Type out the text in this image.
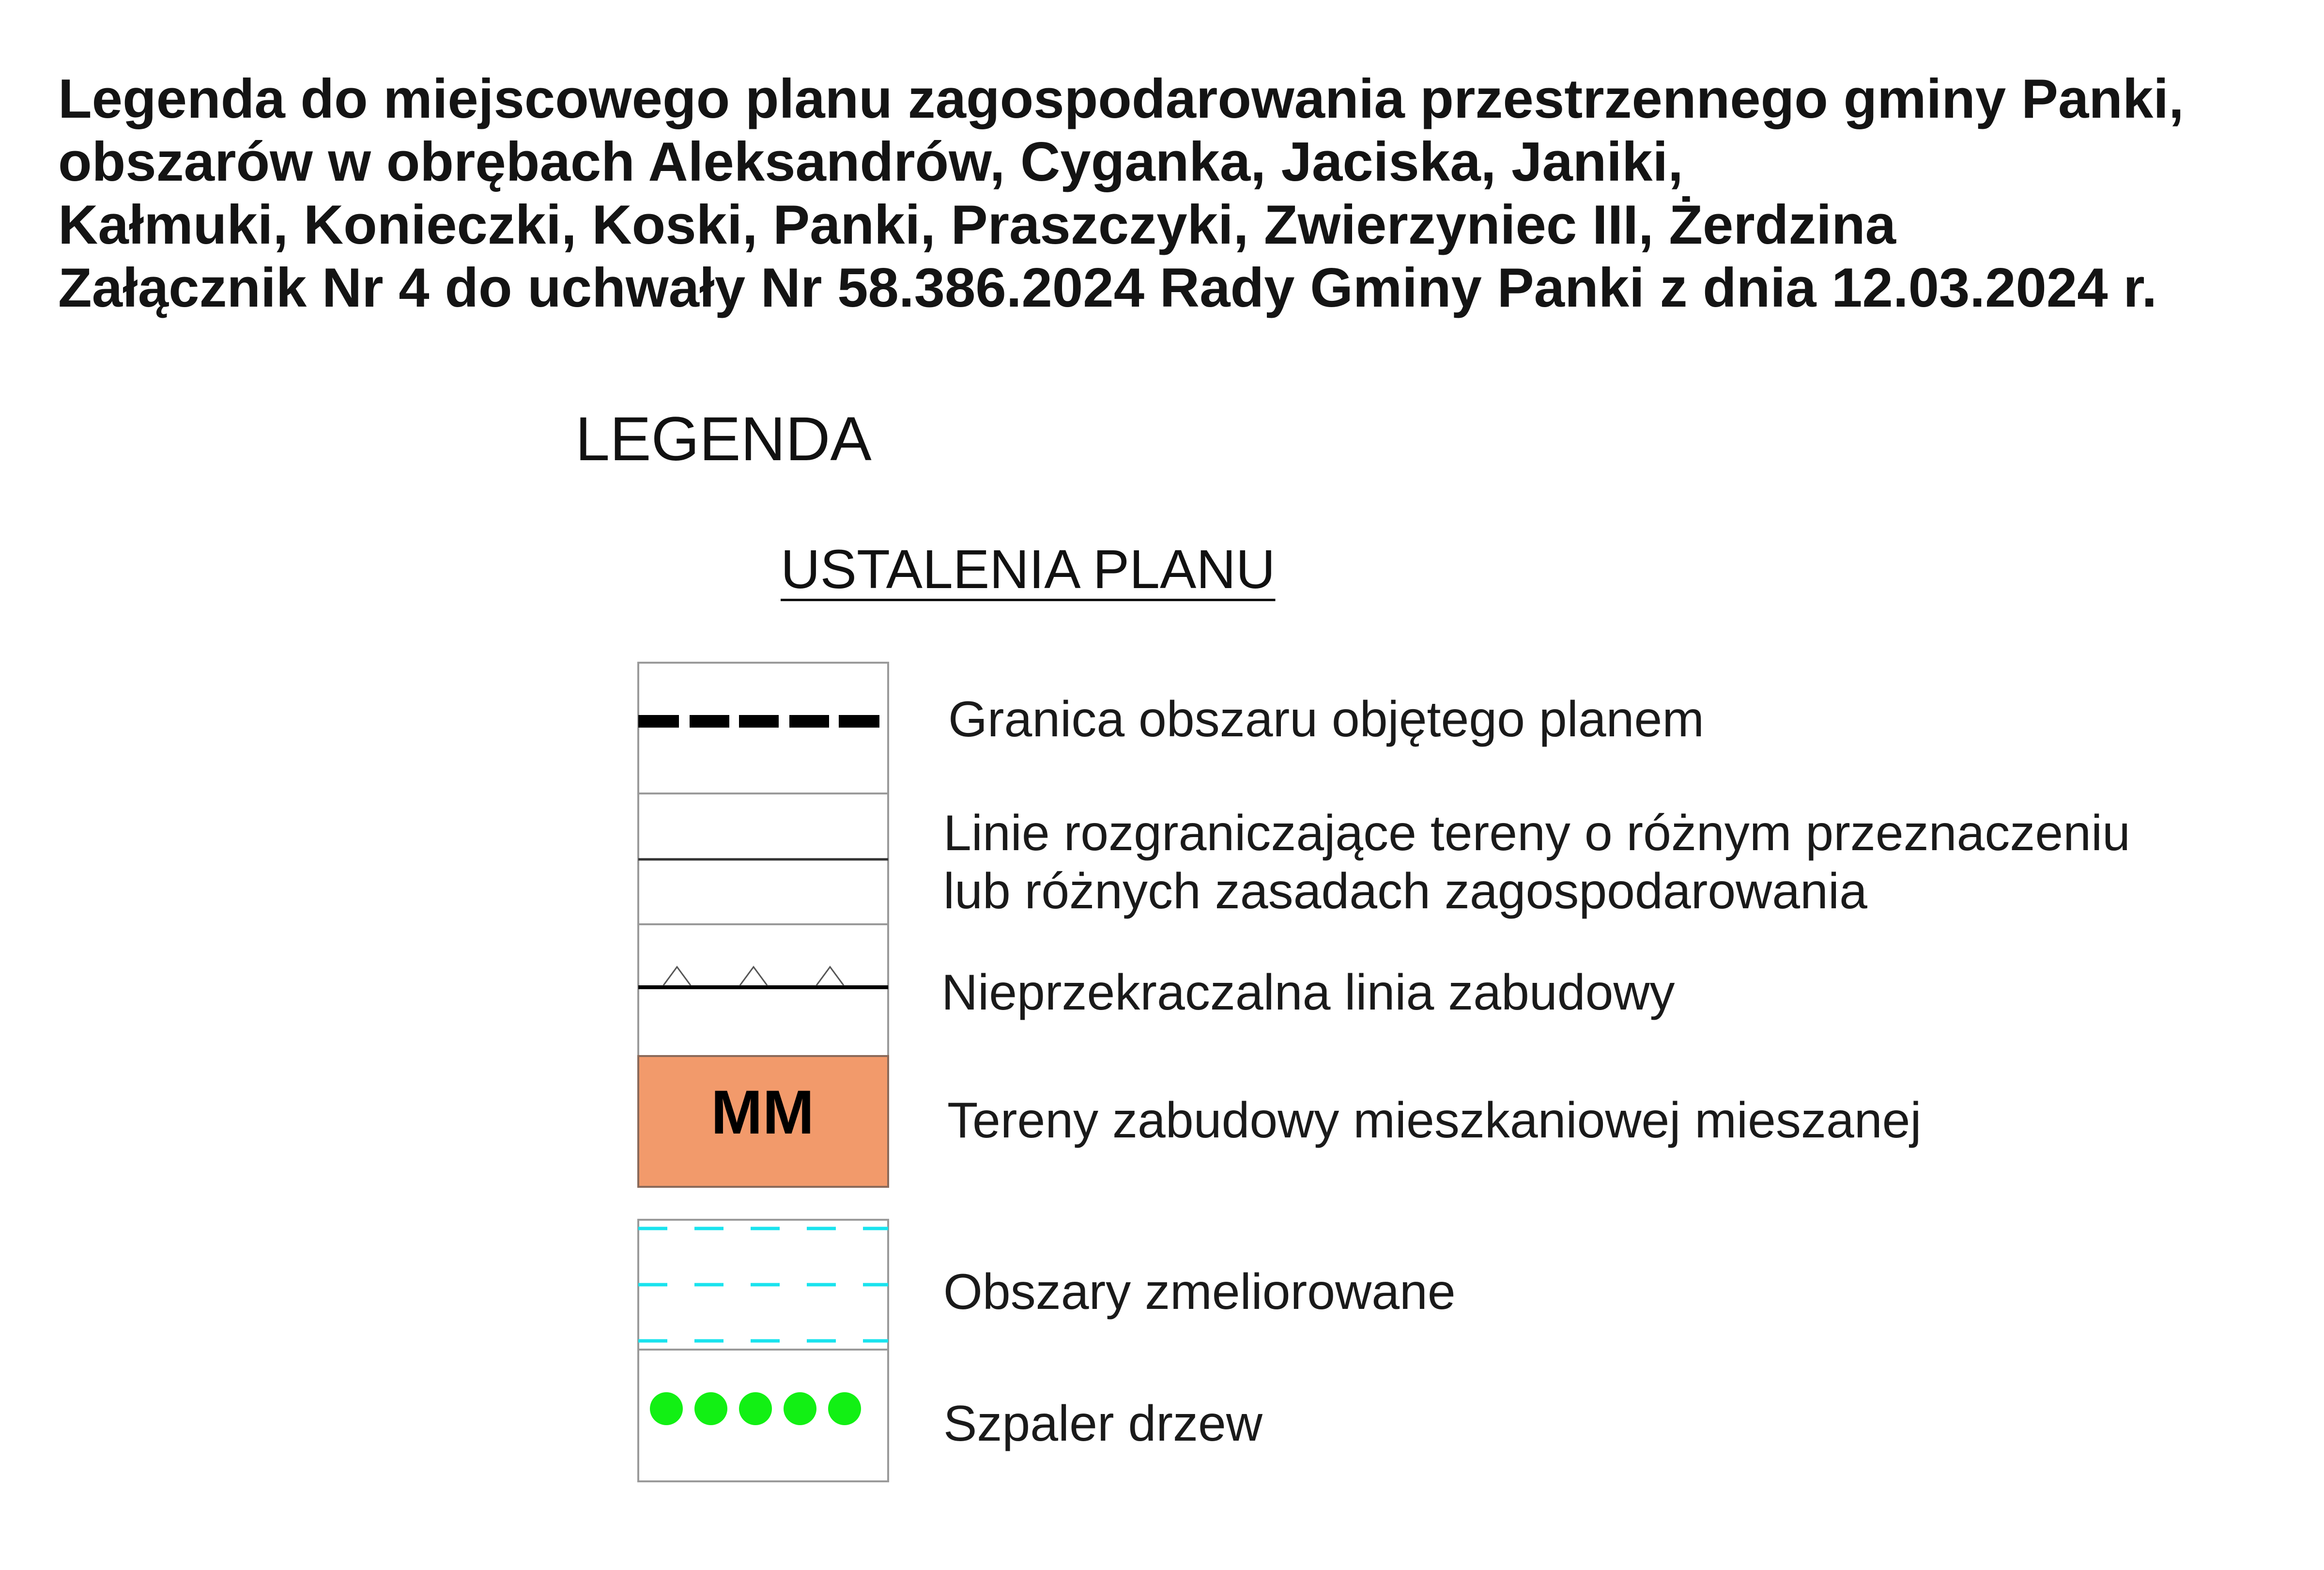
Legenda do miejscowego planu zagospodarowania przestrzennego gminy Panki,
obszarów w obrębach Aleksandrów, Cyganka, Jaciska, Janiki,
Kałmuki, Konieczki, Koski, Panki, Praszczyki, Zwierzyniec III, Żerdzina
Załącznik Nr 4 do uchwały Nr 58.386.2024 Rady Gminy Panki z dnia 12.03.2024 r.
LEGENDA
USTALENIA PLANU
MM
Granica obszaru objętego planem
Linie rozgraniczające tereny o różnym przeznaczeniu
lub różnych zasadach zagospodarowania
Nieprzekraczalna linia zabudowy
Tereny zabudowy mieszkaniowej mieszanej
Obszary zmeliorowane
Szpaler drzew
